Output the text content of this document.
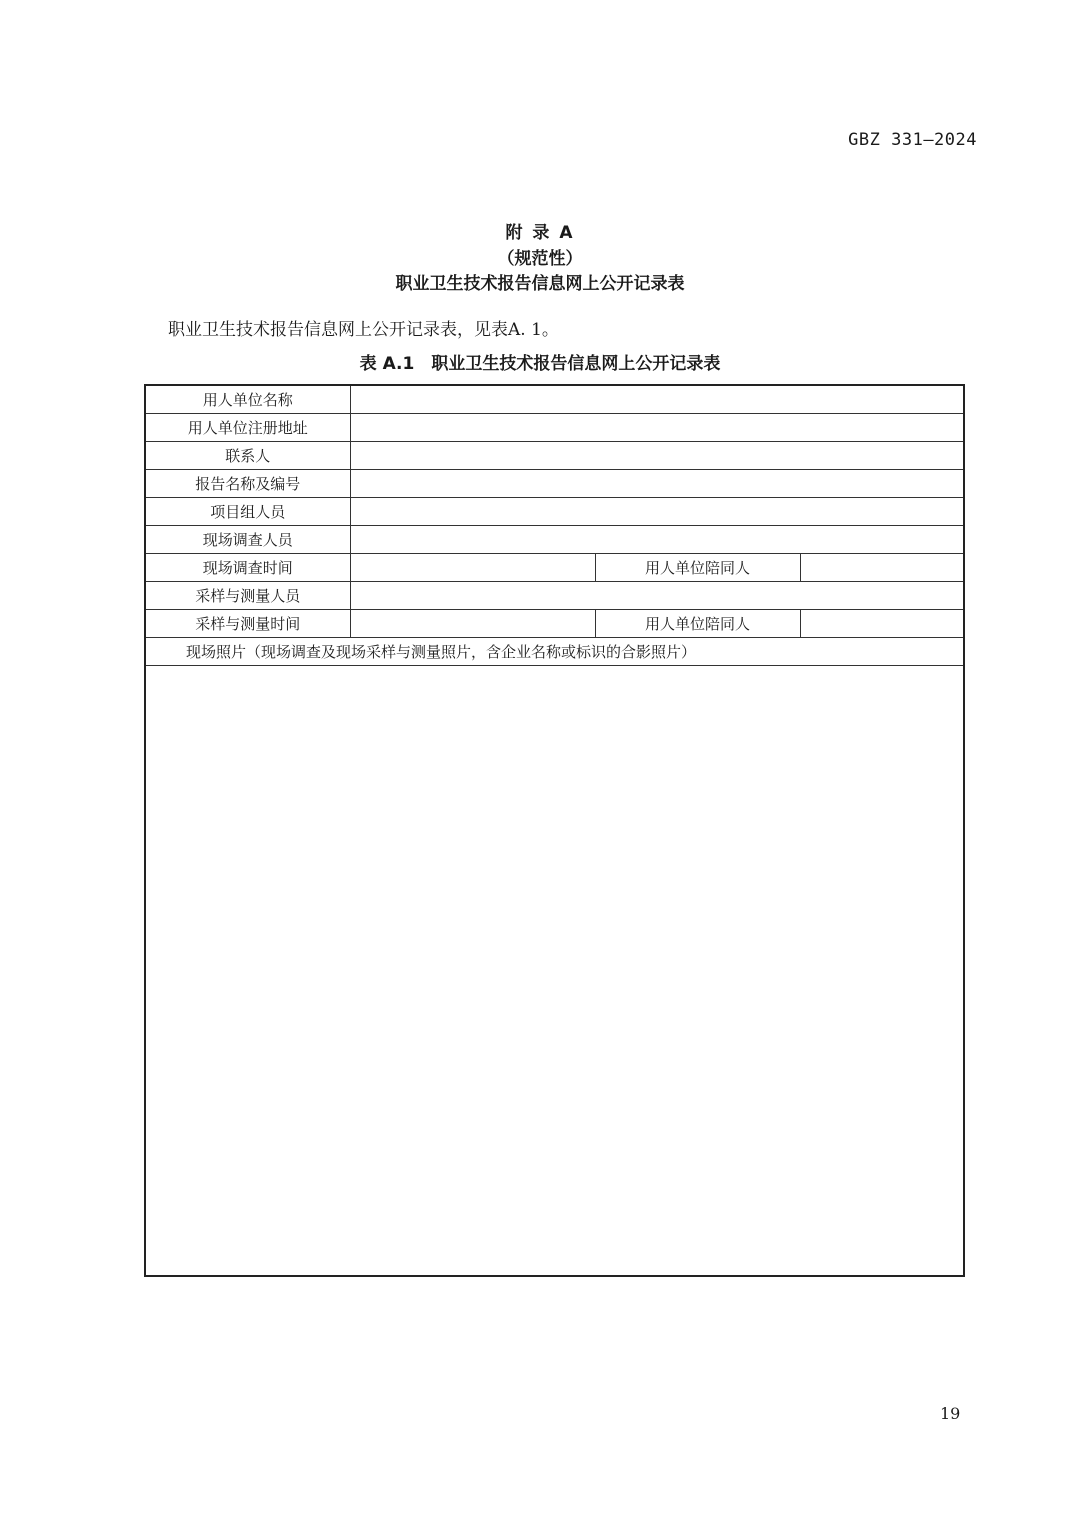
GBZ 331—2024
附 录 A
（规范性）
职业卫生技术报告信息网上公开记录表
职业卫生技术报告信息网上公开记录表，见表A. 1。
表 A.1　职业卫生技术报告信息网上公开记录表
用人单位名称			
用人单位注册地址			
联系人			
报告名称及编号			
项目组人员			
现场调查人员			
现场调查时间		用人单位陪同人	
采样与测量人员			
采样与测量时间		用人单位陪同人	
现场照片（现场调查及现场采样与测量照片，含企业名称或标识的合影照片）			

19
